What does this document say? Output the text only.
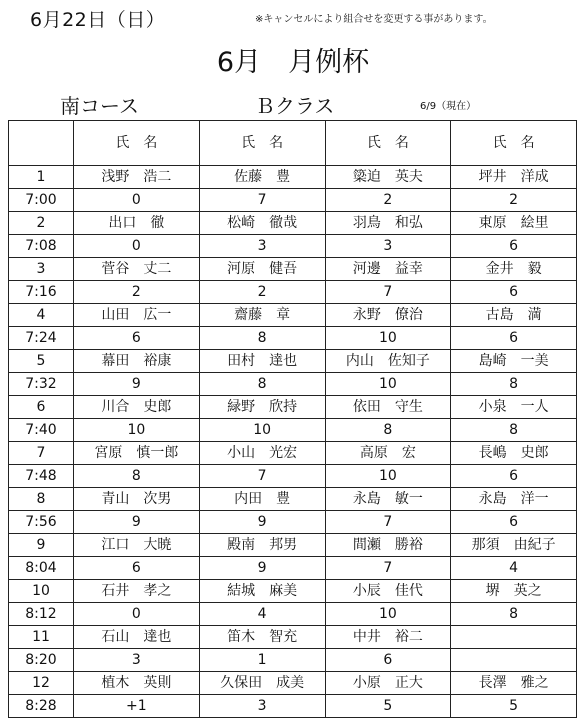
6月22日（日）	※キャンセルにより組合せを変更する事があります。
6月　月例杯
南コース	Ｂクラス	6/9（現在）
	氏　名	氏　名	氏　名	氏　名
1	浅野　浩二	佐藤　豊	簗迫　英夫	坪井　洋成
7:00	0	7	2	2
2	出口　徹	松崎　徹哉	羽鳥　和弘	東原　絵里
7:08	0	3	3	6
3	菅谷　丈二	河原　健吾	河邊　益幸	金井　毅
7:16	2	2	7	6
4	山田　広一	齋藤　章	永野　僚治	古島　満
7:24	6	8	10	6
5	幕田　裕康	田村　達也	内山　佐知子	島崎　一美
7:32	9	8	10	8
6	川合　史郎	緑野　欣持	依田　守生	小泉　一人
7:40	10	10	8	8
7	宮原　慎一郎	小山　光宏	高原　宏	長嶋　史郎
7:48	8	7	10	6
8	青山　次男	内田　豊	永島　敏一	永島　洋一
7:56	9	9	7	6
9	江口　大暁	殿南　邦男	間瀬　勝裕	那須　由紀子
8:04	6	9	7	4
10	石井　孝之	結城　麻美	小辰　佳代	堺　英之
8:12	0	4	10	8
11	石山　達也	笛木　智充	中井　裕二	
8:20	3	1	6	
12	植木　英則	久保田　成美	小原　正大	長澤　雅之
8:28	+1	3	5	5
